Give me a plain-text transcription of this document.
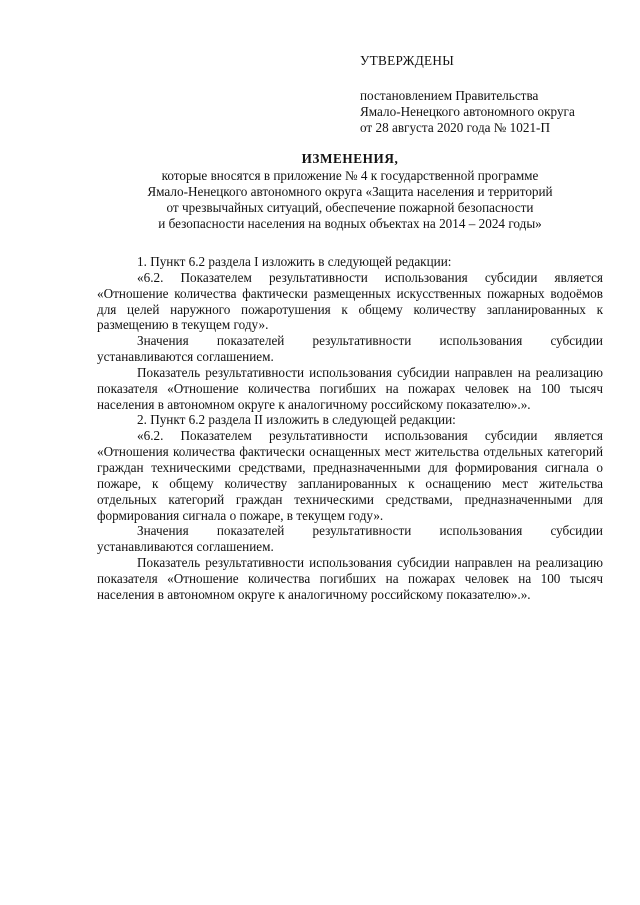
УТВЕРЖДЕНЫ
постановлением Правительства
Ямало-Ненецкого автономного округа
от 28 августа 2020 года № 1021-П
ИЗМЕНЕНИЯ,
которые вносятся в приложение № 4 к государственной программе
Ямало-Ненецкого автономного округа «Защита населения и территорий
от чрезвычайных ситуаций, обеспечение пожарной безопасности
и безопасности населения на водных объектах на 2014 – 2024 годы»

1. Пункт 6.2 раздела I изложить в следующей редакции:

«6.2. Показателем результативности использования субсидии является «Отношение количества фактически размещенных искусственных пожарных водоёмов для целей наружного пожаротушения к общему количеству запланированных к размещению в текущем году».

Значения показателей результативности использования субсидии устанавливаются соглашением.

Показатель результативности использования субсидии направлен на реализацию показателя «Отношение количества погибших на пожарах человек на 100 тысяч населения в автономном округе к аналогичному российскому показателю».».

2. Пункт 6.2 раздела II изложить в следующей редакции:

«6.2. Показателем результативности использования субсидии является «Отношения количества фактически оснащенных мест жительства отдельных категорий граждан техническими средствами, предназначенными для формирования сигнала о пожаре, к общему количеству запланированных к оснащению мест жительства отдельных категорий граждан техническими средствами, предназначенными для формирования сигнала о пожаре, в текущем году».

Значения показателей результативности использования субсидии устанавливаются соглашением.

Показатель результативности использования субсидии направлен на реализацию показателя «Отношение количества погибших на пожарах человек на 100 тысяч населения в автономном округе к аналогичному российскому показателю».».
